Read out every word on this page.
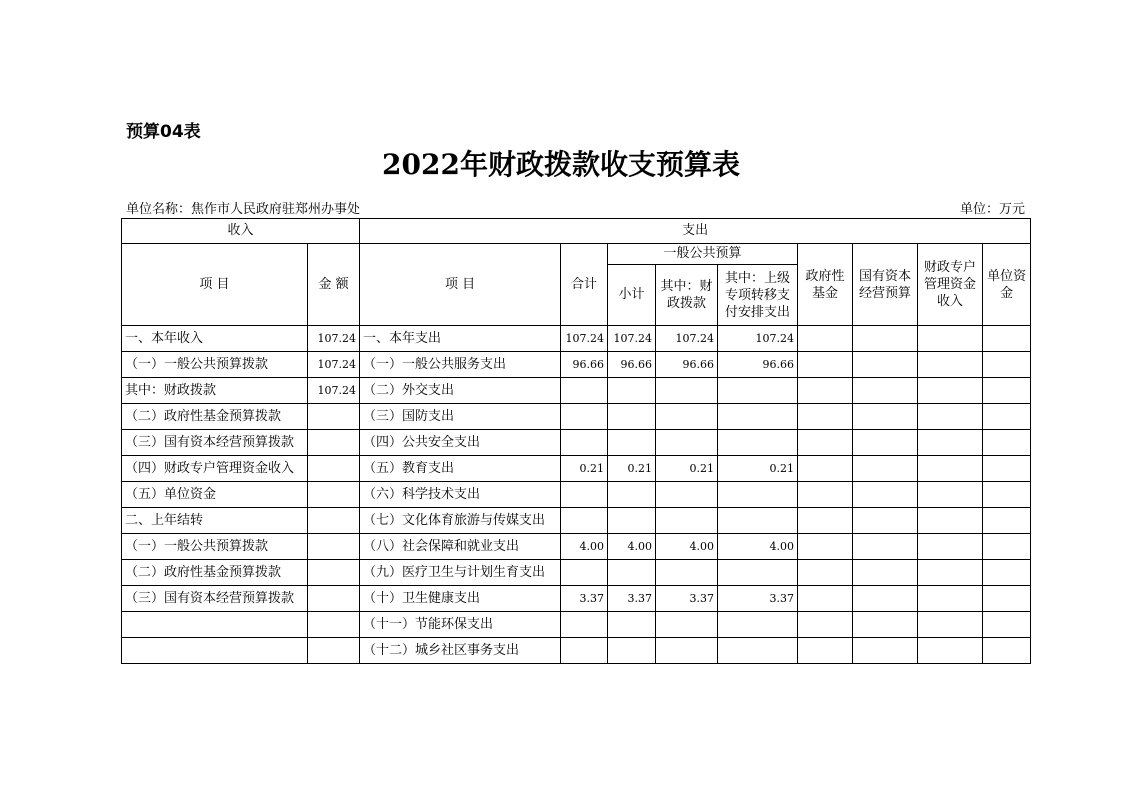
预算04表
2022年财政拨款收支预算表
单位名称：焦作市人民政府驻郑州办事处	单位：万元
收入		支出								
项 目	金 额	项 目	合计	一般公共预算			政府性基金	国有资本经营预算	财政专户管理资金收入	单位资金
				小计	其中：财政拨款	其中：上级专项转移支付安排支出				
一、本年收入	107.24	一、本年支出	107.24	107.24	107.24	107.24				
（一）一般公共预算拨款	107.24	（一）一般公共服务支出	96.66	96.66	96.66	96.66				
其中：财政拨款	107.24	（二）外交支出								
（二）政府性基金预算拨款		（三）国防支出								
（三）国有资本经营预算拨款		（四）公共安全支出								
（四）财政专户管理资金收入		（五）教育支出	0.21	0.21	0.21	0.21				
（五）单位资金		（六）科学技术支出								
二、上年结转		（七）文化体育旅游与传媒支出								
（一）一般公共预算拨款		（八）社会保障和就业支出	4.00	4.00	4.00	4.00				
（二）政府性基金预算拨款		（九）医疗卫生与计划生育支出								
（三）国有资本经营预算拨款		（十）卫生健康支出	3.37	3.37	3.37	3.37				
		（十一）节能环保支出								
		（十二）城乡社区事务支出								
